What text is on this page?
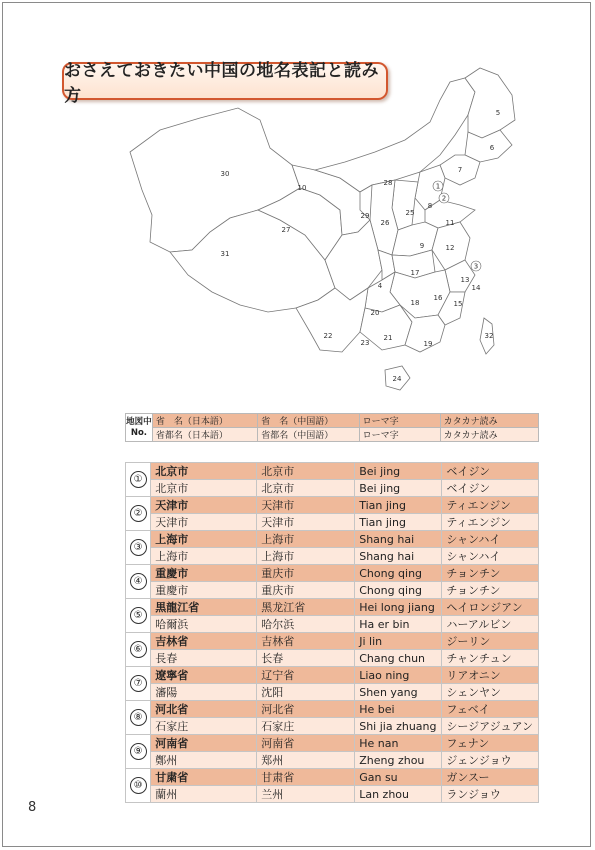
おさえておきたい中国の地名表記と読み方
1
2
3
4
5
6
7
8
9
10
11
12
13
14
15
16
17
18
19
20
21
22
23
24
25
26
27
28
29
30
31
32
地図中
No.	省　名（日本語）	省　名（中国語）	ローマ字	カタカナ読み
	省都名（日本語）	省都名（中国語）	ローマ字	カタカナ読み
①	北京市	北京市	Bei jing	ベイジン
	北京市	北京市	Bei jing	ベイジン
②	天津市	天津市	Tian jing	ティエンジン
	天津市	天津市	Tian jing	ティエンジン
③	上海市	上海市	Shang hai	シャンハイ
	上海市	上海市	Shang hai	シャンハイ
④	重慶市	重庆市	Chong qing	チョンチン
	重慶市	重庆市	Chong qing	チョンチン
⑤	黒龍江省	黑龙江省	Hei long jiang	ヘイロンジアン
	哈爾浜	哈尔浜	Ha er bin	ハーアルビン
⑥	吉林省	吉林省	Ji lin	ジーリン
	長春	长春	Chang chun	チャンチュン
⑦	遼寧省	辽宁省	Liao ning	リアオニン
	瀋陽	沈阳	Shen yang	シェンヤン
⑧	河北省	河北省	He bei	フェベイ
	石家庄	石家庄	Shi jia zhuang	シージアジュアン
⑨	河南省	河南省	He nan	フェナン
	鄭州	郑州	Zheng zhou	ジェンジョウ
⑩	甘粛省	甘肃省	Gan su	ガンスー
	蘭州	兰州	Lan zhou	ランジョウ
8
